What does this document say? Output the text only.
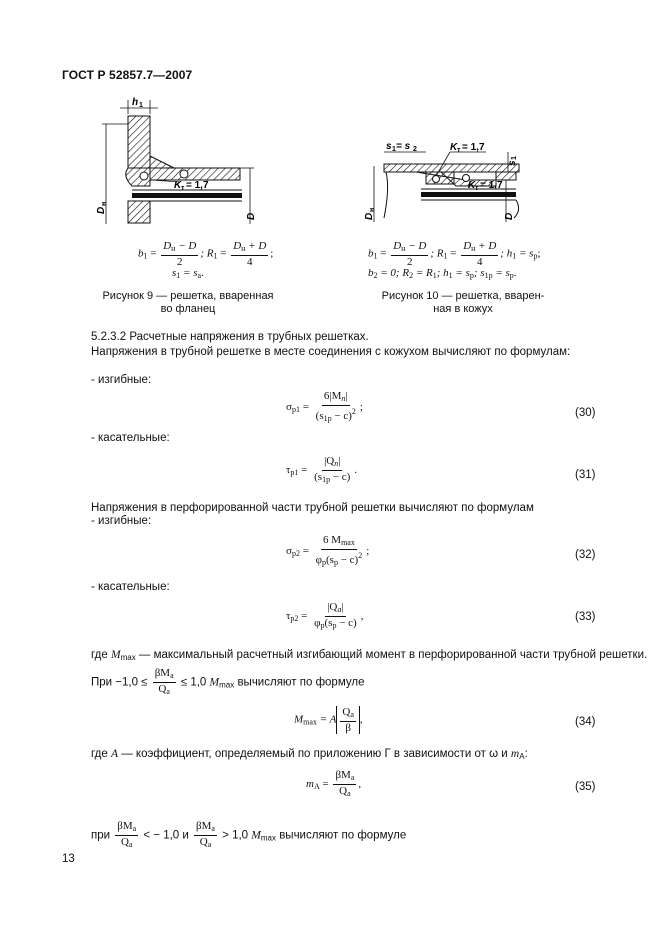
ГОСТ Р 52857.7—2007
h 1
D
н
D
K т = 1,7
s 1 = s 2	K т = 1,7
K т = 1,7
s
1
D
н
D
$b_1 = \frac{D_н - D}{2}$ ; $R_1 = \frac{D_н + D}{4}$ ;
$s_1 = s_a$.
$b_1 = \frac{D_н - D}{2}$ ; $R_1 = \frac{D_н + D}{4}$ ; $h_1 = s_p$;
$b_2 = 0$; $R_2 = R_1$; $h_1 = s_p$; $s_{1p} = s_p$.
Рисунок 9 — решетка, вваренная
во фланец
Рисунок 10 — решетка, вварен-
ная в кожух
5.2.3.2 Расчетные напряжения в трубных решетках.
Напряжения в трубной решетке в месте соединения с кожухом вычисляют по формулам:
- изгибные:
$\sigma_{p1} = \frac{6|M_п|}{(s_{1p} - c)^2}$ ;	(30)
- касательные:
$\tau_{p1} = \frac{|Q_п|}{(s_{1p} - c)}$ .	(31)
Напряжения в перфорированной части трубной решетки вычисляют по формулам
- изгибные:
$\sigma_{p2} = \frac{6 M_{max}}{\varphi_p(s_p - c)^2}$ ;	(32)
- касательные:
$\tau_{p2} = \frac{|Q_a|}{\varphi_p(s_p - c)}$ ,	(33)
где $M_{max}$ — максимальный расчетный изгибающий момент в перфорированной части трубной решетки.
При $-1,0 \le \frac{\beta M_a}{Q_a} \le 1,0$ $M_{max}$ вычисляют по формуле
$M_{max} = A \frac{Q_a}{\beta}$ ,	(34)
где A — коэффициент, определяемый по приложению Г в зависимости от ω и $m_A$:
$m_A = \frac{\beta M_a}{Q_a}$ ,	(35)
при $\frac{\beta M_a}{Q_a}$ < − 1,0 и $\frac{\beta M_a}{Q_a} > 1,0$ $M_{max}$ вычисляют по формуле
13
